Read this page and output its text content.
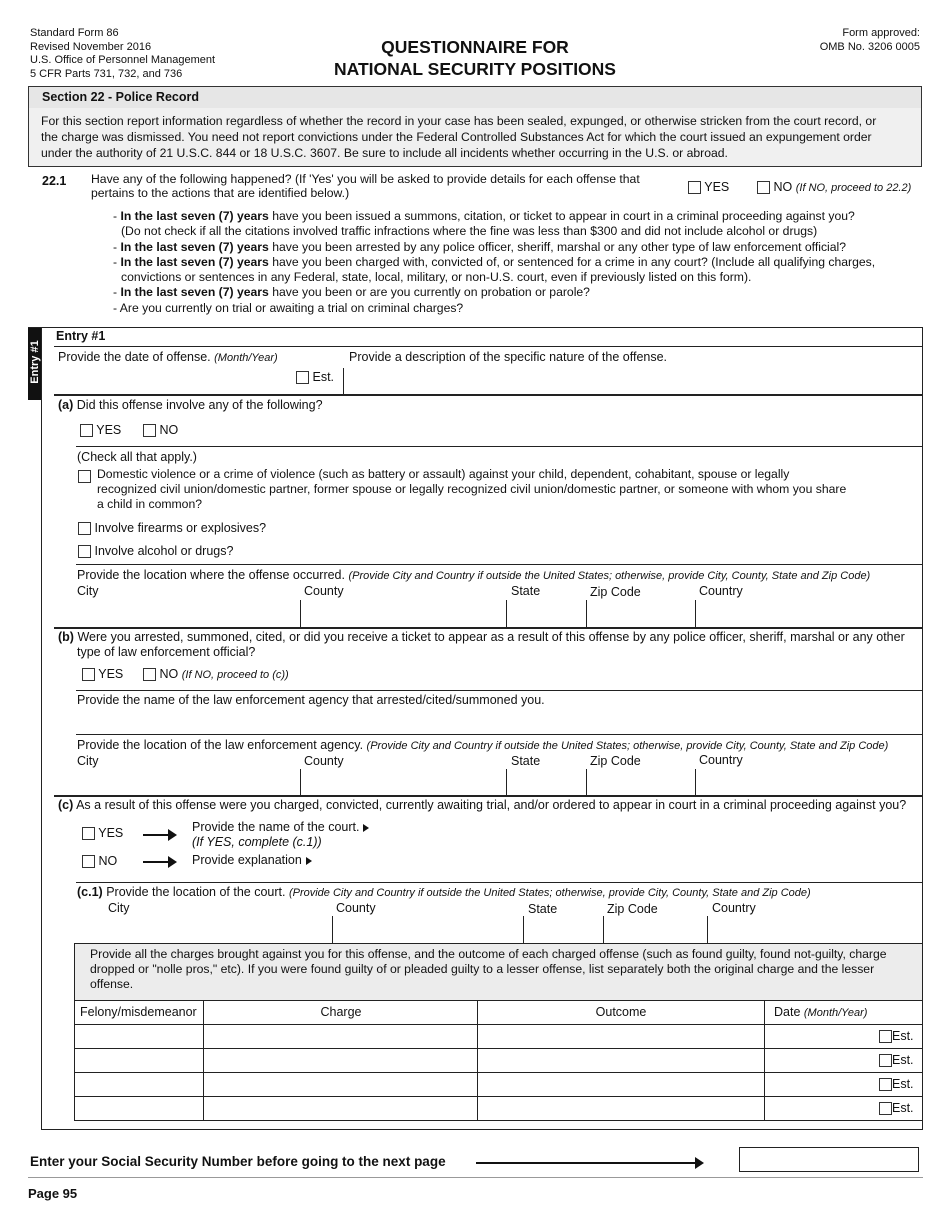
Standard Form 86
Revised November 2016
U.S. Office of Personnel Management
5 CFR Parts 731, 732, and 736
QUESTIONNAIRE FOR
NATIONAL SECURITY POSITIONS
Form approved:
OMB No. 3206 0005
Section 22 - Police Record
For this section report information regardless of whether the record in your case has been sealed, expunged, or otherwise stricken from the court record, or
the charge was dismissed. You need not report convictions under the Federal Controlled Substances Act for which the court issued an expungement order
under the authority of 21 U.S.C. 844 or 18 U.S.C. 3607. Be sure to include all incidents whether occurring in the U.S. or abroad.
22.1 Have any of the following happened? (If 'Yes' you will be asked to provide details for each offense that
pertains to the actions that are identified below.)	YES	NO (If NO, proceed to 22.2)
- In the last seven (7) years have you been issued a summons, citation, or ticket to appear in court in a criminal proceeding against you?
(Do not check if all the citations involved traffic infractions where the fine was less than $300 and did not include alcohol or drugs)
- In the last seven (7) years have you been arrested by any police officer, sheriff, marshal or any other type of law enforcement official?
- In the last seven (7) years have you been charged with, convicted of, or sentenced for a crime in any court? (Include all qualifying charges,
convictions or sentences in any Federal, state, local, military, or non-U.S. court, even if previously listed on this form).
- In the last seven (7) years have you been or are you currently on probation or parole?
- Are you currently on trial or awaiting a trial on criminal charges?
Entry #1
Entry #1
Provide the date of offense. (Month/Year)
Est.
Provide a description of the specific nature of the offense.
(a) Did this offense involve any of the following?
YES	NO
(Check all that apply.)
Domestic violence or a crime of violence (such as battery or assault) against your child, dependent, cohabitant, spouse or legally
recognized civil union/domestic partner, former spouse or legally recognized civil union/domestic partner, or someone with whom you share
a child in common?
Involve firearms or explosives?
Involve alcohol or drugs?
Provide the location where the offense occurred. (Provide City and Country if outside the United States; otherwise, provide City, County, State and Zip Code)
City	County	State	Zip Code	Country
(b) Were you arrested, summoned, cited, or did you receive a ticket to appear as a result of this offense by any police officer, sheriff, marshal or any other
type of law enforcement official?
YES	NO (If NO, proceed to (c))
Provide the name of the law enforcement agency that arrested/cited/summoned you.
Provide the location of the law enforcement agency. (Provide City and Country if outside the United States; otherwise, provide City, County, State and Zip Code)
City	County	State	Zip Code	Country
(c) As a result of this offense were you charged, convicted, currently awaiting trial, and/or ordered to appear in court in a criminal proceeding against you?
YES	Provide the name of the court.
(If YES, complete (c.1))
NO	Provide explanation
(c.1) Provide the location of the court. (Provide City and Country if outside the United States; otherwise, provide City, County, State and Zip Code)
City	County	State	Zip Code	Country
Provide all the charges brought against you for this offense, and the outcome of each charged offense (such as found guilty, found not-guilty, charge
dropped or "nolle pros," etc). If you were found guilty of or pleaded guilty to a lesser offense, list separately both the original charge and the lesser
offense.
Felony/misdemeanor	Charge	Outcome	Date (Month/Year)
Est.
Est.
Est.
Est.
Enter your Social Security Number before going to the next page
Page 95
